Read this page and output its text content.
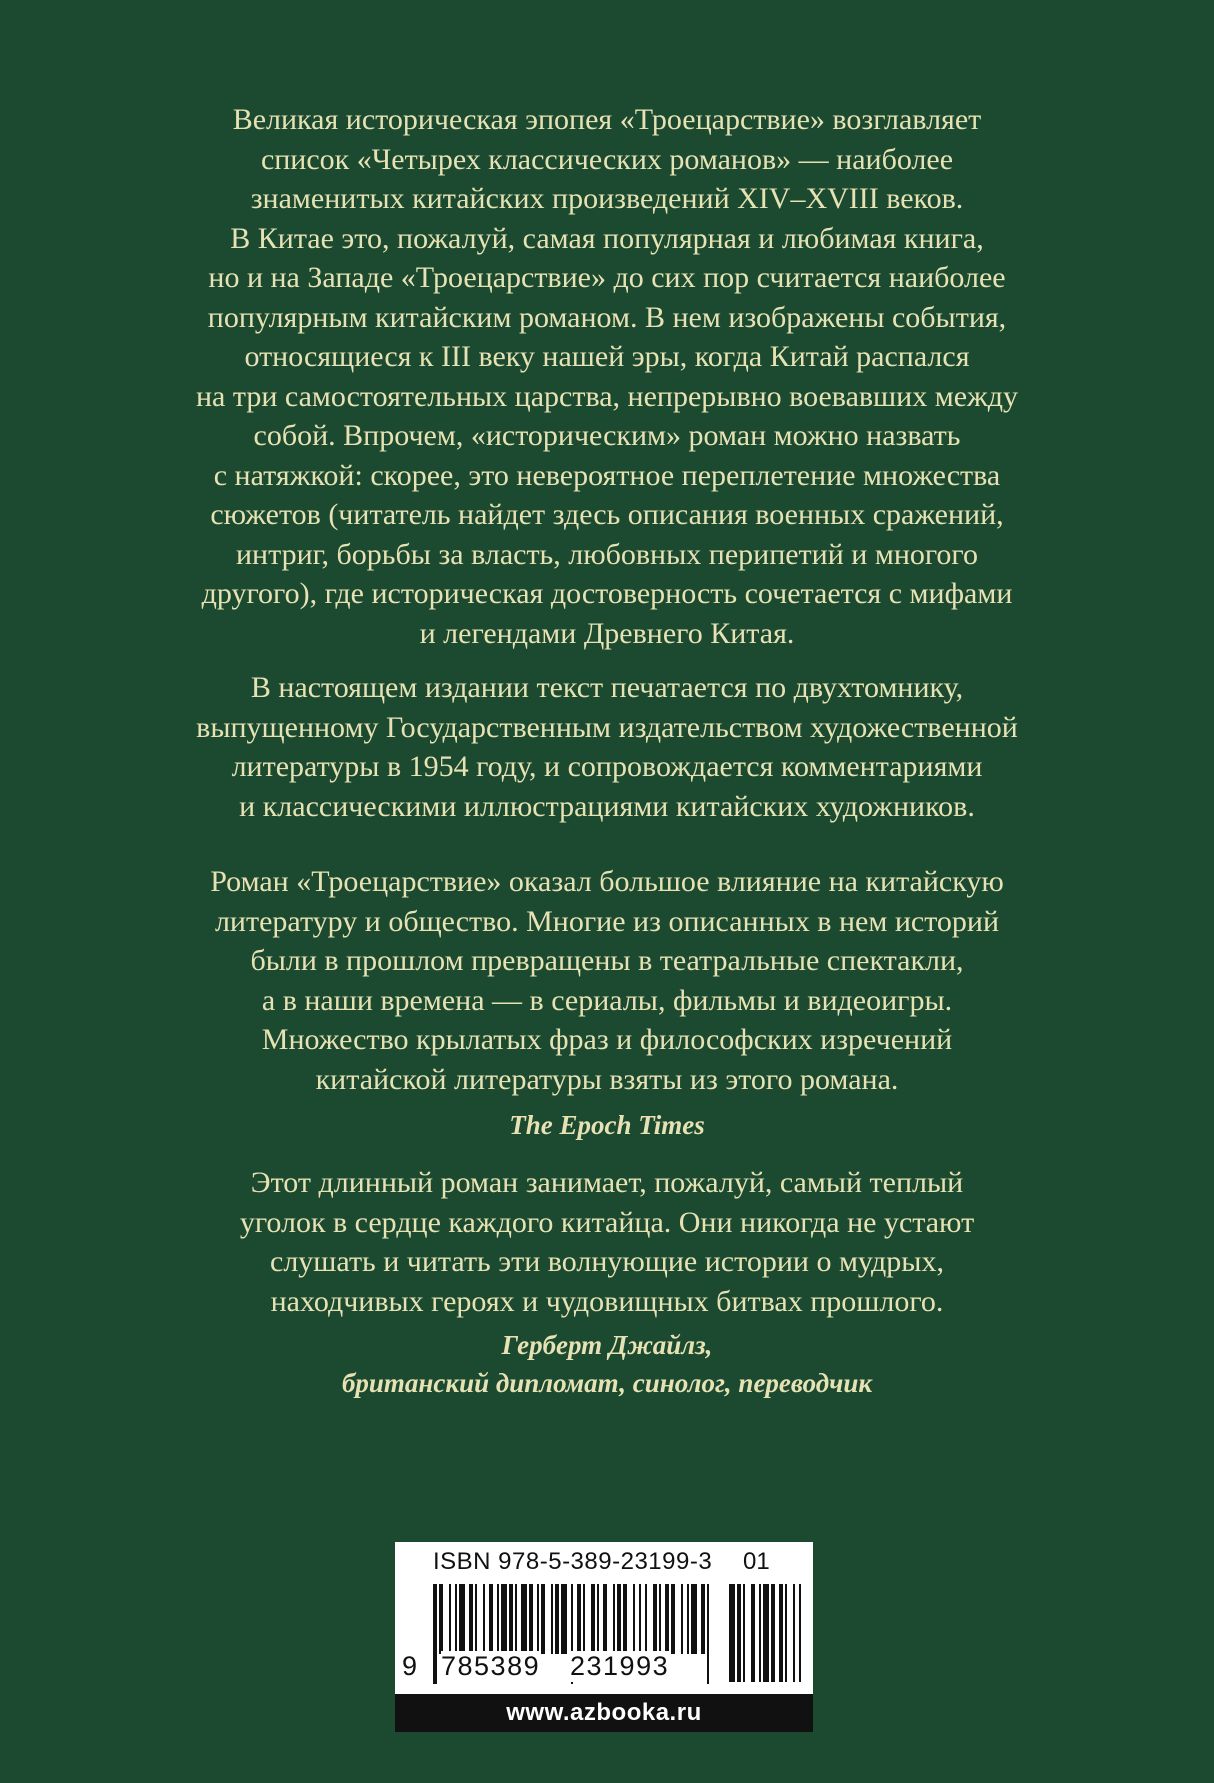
Великая историческая эпопея «Троецарствие» возглавляет
список «Четырех классических романов» — наиболее
знаменитых китайских произведений XIV–XVIII веков.
В Китае это, пожалуй, самая популярная и любимая книга,
но и на Западе «Троецарствие» до сих пор считается наиболее
популярным китайским романом. В нем изображены события,
относящиеся к III веку нашей эры, когда Китай распался
на три самостоятельных царства, непрерывно воевавших между
собой. Впрочем, «историческим» роман можно назвать
с натяжкой: скорее, это невероятное переплетение множества
сюжетов (читатель найдет здесь описания военных сражений,
интриг, борьбы за власть, любовных перипетий и многого
другого), где историческая достоверность сочетается с мифами
и легендами Древнего Китая.
В настоящем издании текст печатается по двухтомнику,
выпущенному Государственным издательством художественной
литературы в 1954 году, и сопровождается комментариями
и классическими иллюстрациями китайских художников.
Роман «Троецарствие» оказал большое влияние на китайскую
литературу и общество. Многие из описанных в нем историй
были в прошлом превращены в театральные спектакли,
а в наши времена — в сериалы, фильмы и видеоигры.
Множество крылатых фраз и философских изречений
китайской литературы взяты из этого романа.
The Epoch Times
Этот длинный роман занимает, пожалуй, самый теплый
уголок в сердце каждого китайца. Они никогда не устают
слушать и читать эти волнующие истории о мудрых,
находчивых героях и чудовищных битвах прошлого.
Герберт Джайлз,
британский дипломат, синолог, переводчик
ISBN 978-5-389-23199-3 01
9 785389 231993
www.azbooka.ru
